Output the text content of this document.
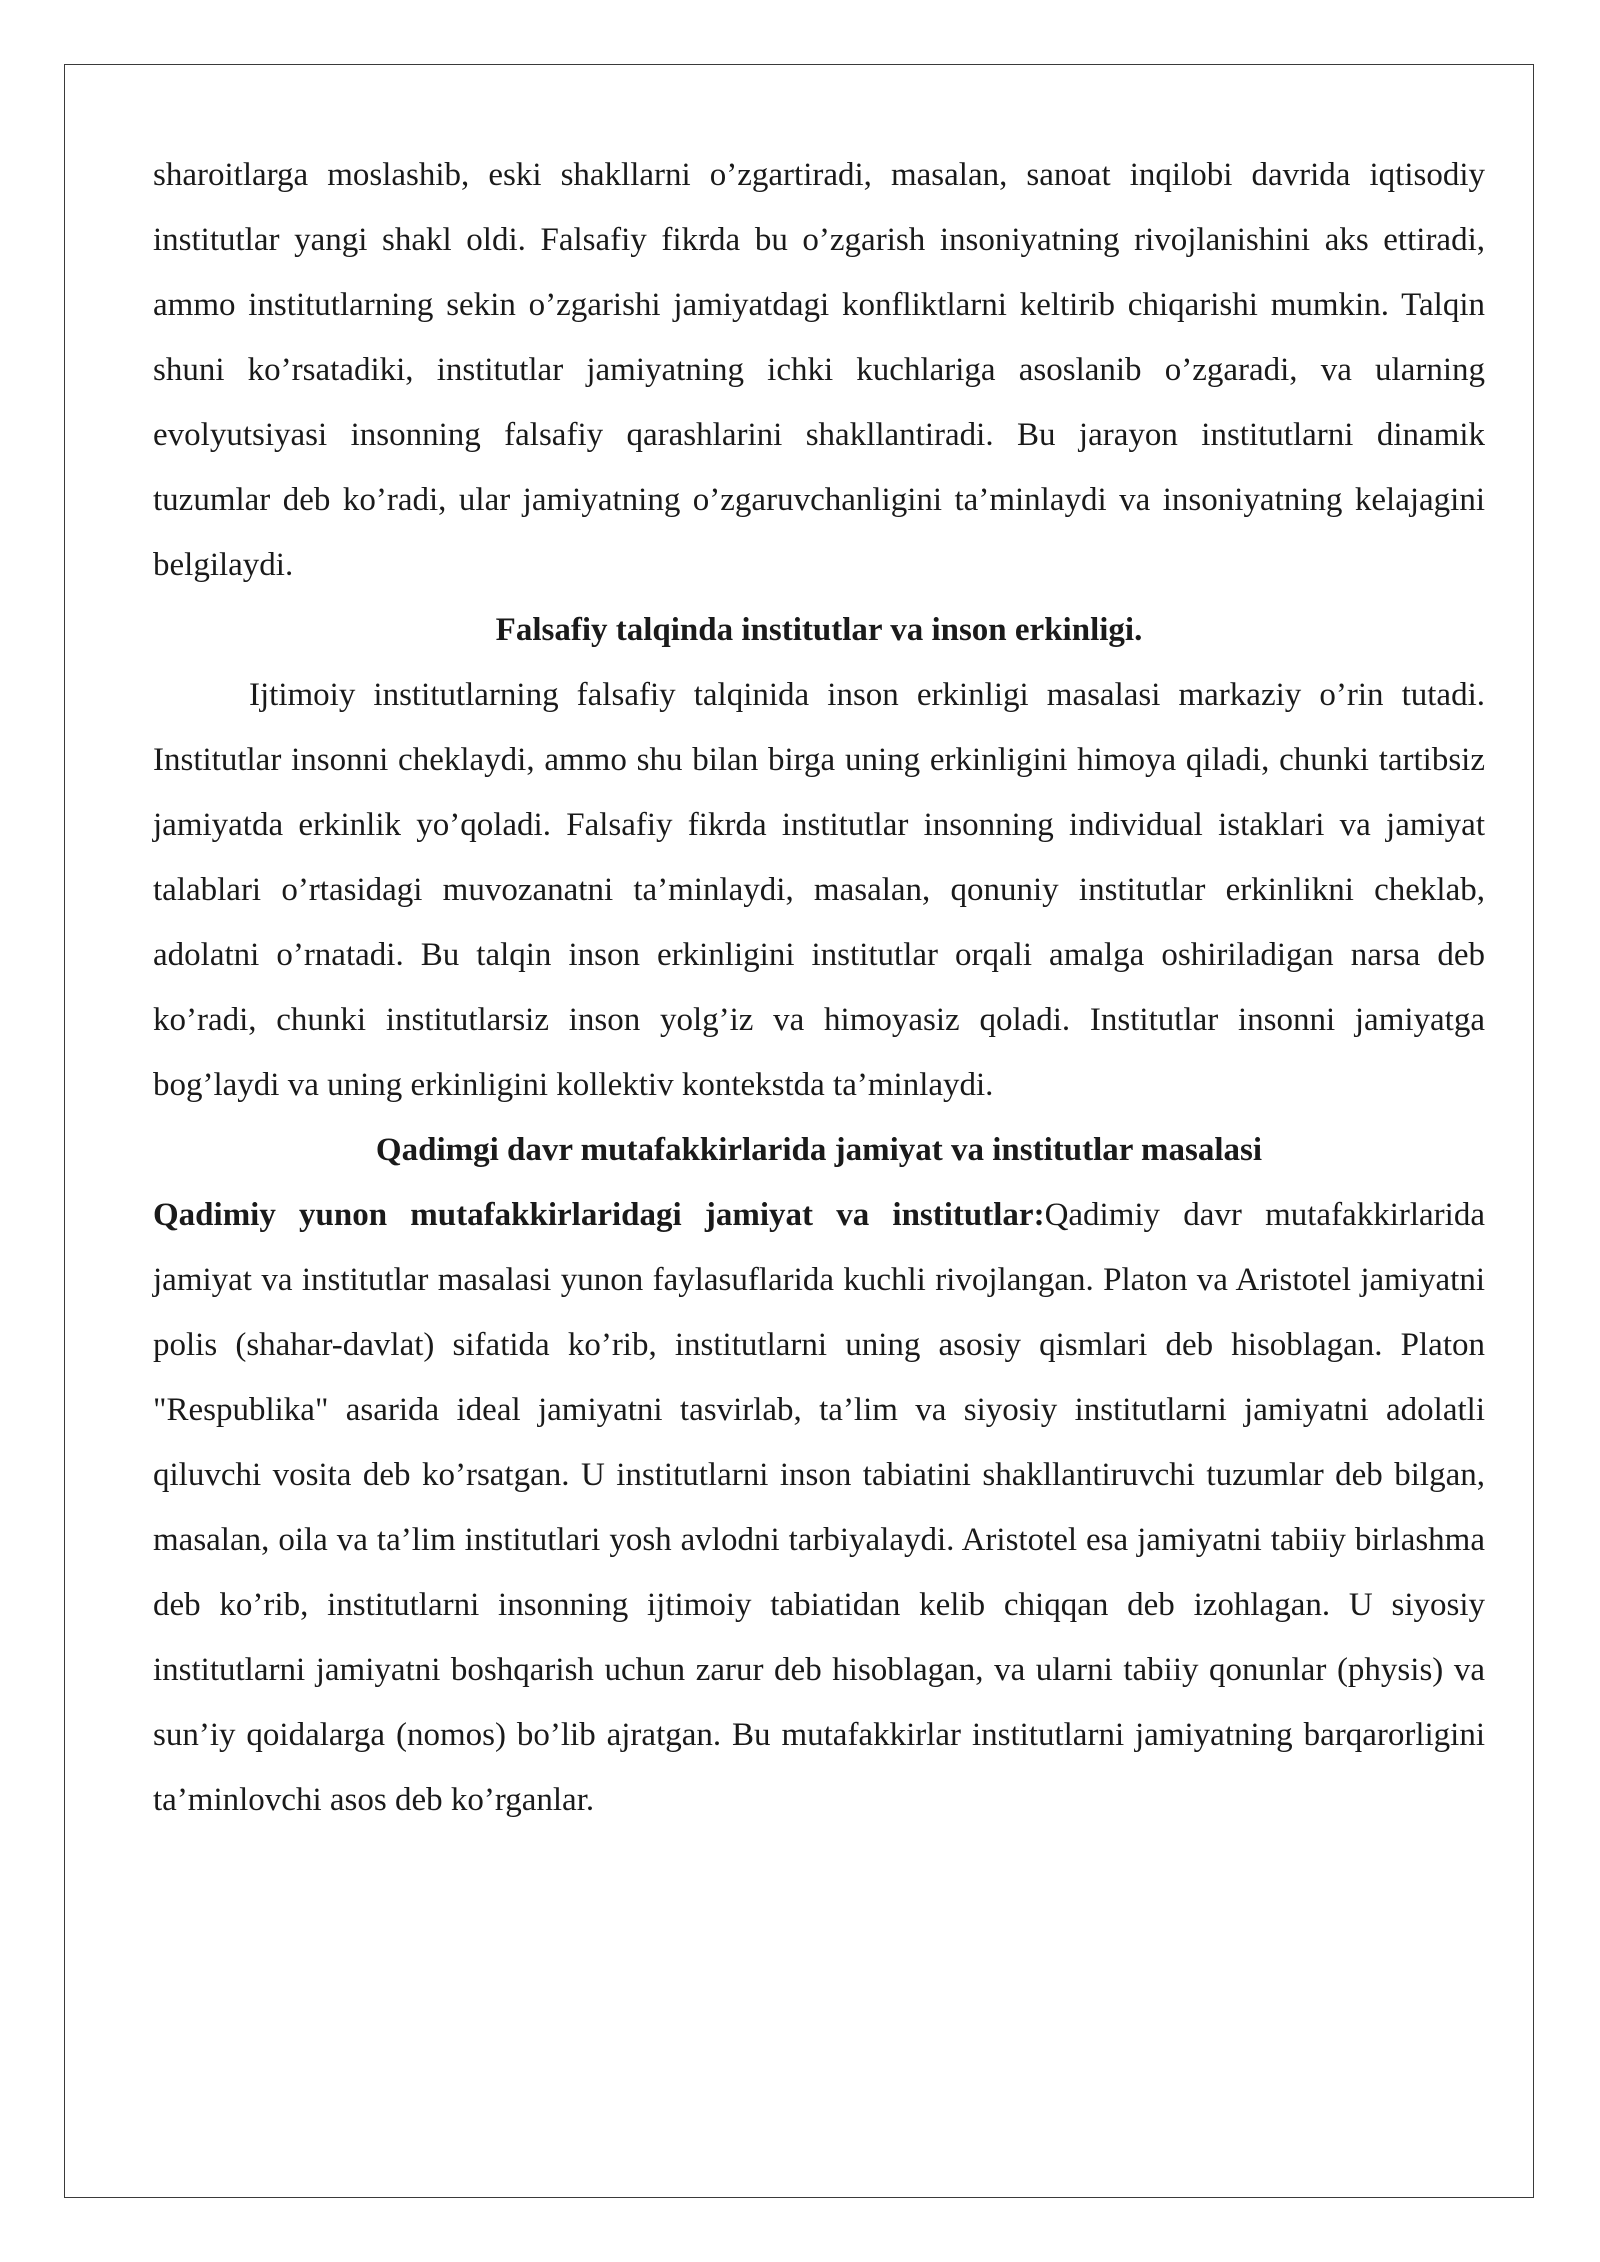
sharoitlarga moslashib, eski shakllarni o’zgartiradi, masalan, sanoat inqilobi davrida iqtisodiy institutlar yangi shakl oldi. Falsafiy fikrda bu o’zgarish insoniyatning rivojlanishini aks ettiradi, ammo institutlarning sekin o’zgarishi jamiyatdagi konfliktlarni keltirib chiqarishi mumkin. Talqin shuni ko’rsatadiki, institutlar jamiyatning ichki kuchlariga asoslanib o’zgaradi, va ularning evolyutsiyasi insonning falsafiy qarashlarini shakllantiradi. Bu jarayon institutlarni dinamik tuzumlar deb ko’radi, ular jamiyatning o’zgaruvchanligini ta’minlaydi va insoniyatning kelajagini belgilaydi.

Falsafiy talqinda institutlar va inson erkinligi.

Ijtimoiy institutlarning falsafiy talqinida inson erkinligi masalasi markaziy o’rin tutadi. Institutlar insonni cheklaydi, ammo shu bilan birga uning erkinligini himoya qiladi, chunki tartibsiz jamiyatda erkinlik yo’qoladi. Falsafiy fikrda institutlar insonning individual istaklari va jamiyat talablari o’rtasidagi muvozanatni ta’minlaydi, masalan, qonuniy institutlar erkinlikni cheklab, adolatni o’rnatadi. Bu talqin inson erkinligini institutlar orqali amalga oshiriladigan narsa deb ko’radi, chunki institutlarsiz inson yolg’iz va himoyasiz qoladi. Institutlar insonni jamiyatga bog’laydi va uning erkinligini kollektiv kontekstda ta’minlaydi.

Qadimgi davr mutafakkirlarida jamiyat va institutlar masalasi

Qadimiy yunon mutafakkirlaridagi jamiyat va institutlar:Qadimiy davr mutafakkirlarida jamiyat va institutlar masalasi yunon faylasuflarida kuchli rivojlangan. Platon va Aristotel jamiyatni polis (shahar-davlat) sifatida ko’rib, institutlarni uning asosiy qismlari deb hisoblagan. Platon "Respublika" asarida ideal jamiyatni tasvirlab, ta’lim va siyosiy institutlarni jamiyatni adolatli qiluvchi vosita deb ko’rsatgan. U institutlarni inson tabiatini shakllantiruvchi tuzumlar deb bilgan, masalan, oila va ta’lim institutlari yosh avlodni tarbiyalaydi. Aristotel esa jamiyatni tabiiy birlashma deb ko’rib, institutlarni insonning ijtimoiy tabiatidan kelib chiqqan deb izohlagan. U siyosiy institutlarni jamiyatni boshqarish uchun zarur deb hisoblagan, va ularni tabiiy qonunlar (physis) va sun’iy qoidalarga (nomos) bo’lib ajratgan. Bu mutafakkirlar institutlarni jamiyatning barqarorligini ta’minlovchi asos deb ko’rganlar.
